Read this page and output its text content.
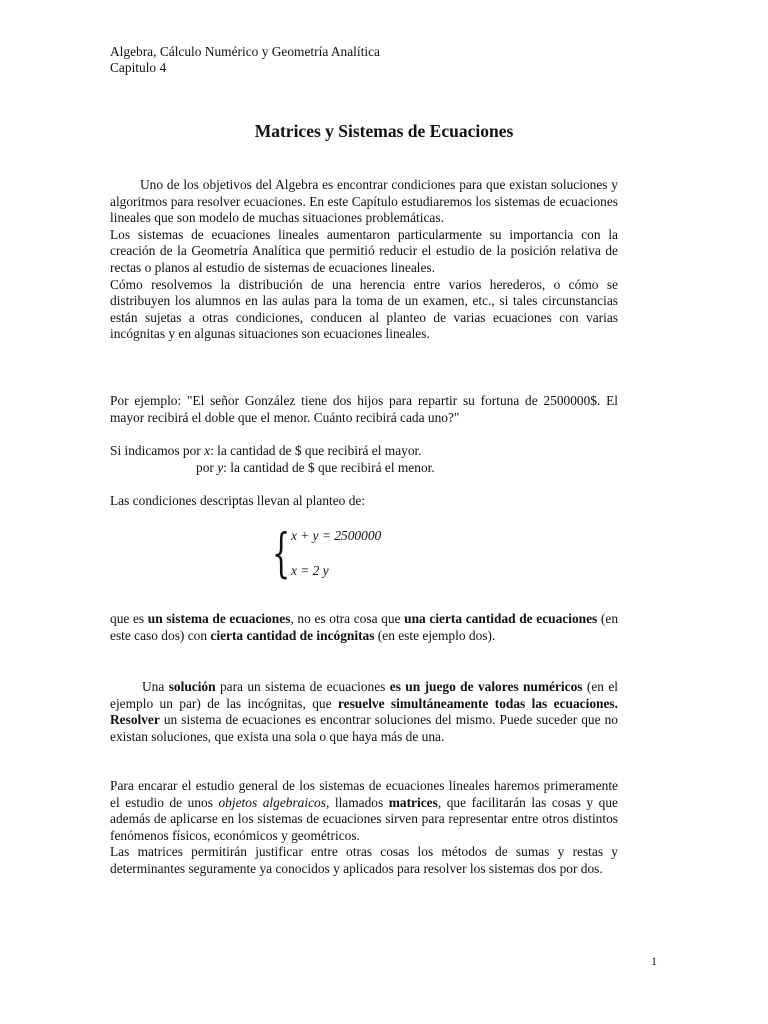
Algebra, Cálculo Numérico y Geometría Analítica

Capitulo 4

Matrices y Sistemas de Ecuaciones
Uno de los objetivos del Algebra es encontrar condiciones para que existan soluciones y algoritmos para resolver ecuaciones. En este Capítulo estudiaremos los sistemas de ecuaciones lineales que son modelo de muchas situaciones problemáticas.
Los sistemas de ecuaciones lineales aumentaron particularmente su importancia con la creación de la Geometría Analítica que permitió reducir el estudio de la posición relativa de rectas o planos al estudio de sistemas de ecuaciones lineales.
Cómo resolvemos la distribución de una herencia entre varios herederos, o cómo se distribuyen los alumnos en las aulas para la toma de un examen, etc., si tales circunstancias están sujetas a otras condiciones, conducen al planteo de varias ecuaciones con varias incógnitas y en algunas situaciones son ecuaciones lineales.

Por ejemplo: "El señor González tiene dos hijos para repartir su fortuna de 2500000$. El mayor recibirá el doble que el menor. Cuánto recibirá cada uno?"

Si indicamos por x: la cantidad de $ que recibirá el mayor.
por y: la cantidad de $ que recibirá el menor.

Las condiciones descriptas llevan al planteo de:

{ x + y = 2500000
x = 2 y

que es un sistema de ecuaciones, no es otra cosa que una cierta cantidad de ecuaciones (en este caso dos) con cierta cantidad de incógnitas (en este ejemplo dos).

Una solución para un sistema de ecuaciones es un juego de valores numéricos (en el ejemplo un par) de las incógnitas, que resuelve simultáneamente todas las ecuaciones. Resolver un sistema de ecuaciones es encontrar soluciones del mismo. Puede suceder que no existan soluciones, que exista una sola o que haya más de una.

Para encarar el estudio general de los sistemas de ecuaciones lineales haremos primeramente el estudio de unos objetos algebraicos, llamados matrices, que facilitarán las cosas y que además de aplicarse en los sistemas de ecuaciones sirven para representar entre otros distintos fenómenos físicos, económicos y geométricos.
Las matrices permitirán justificar entre otras cosas los métodos de sumas y restas y determinantes seguramente ya conocidos y aplicados para resolver los sistemas dos por dos.
1
